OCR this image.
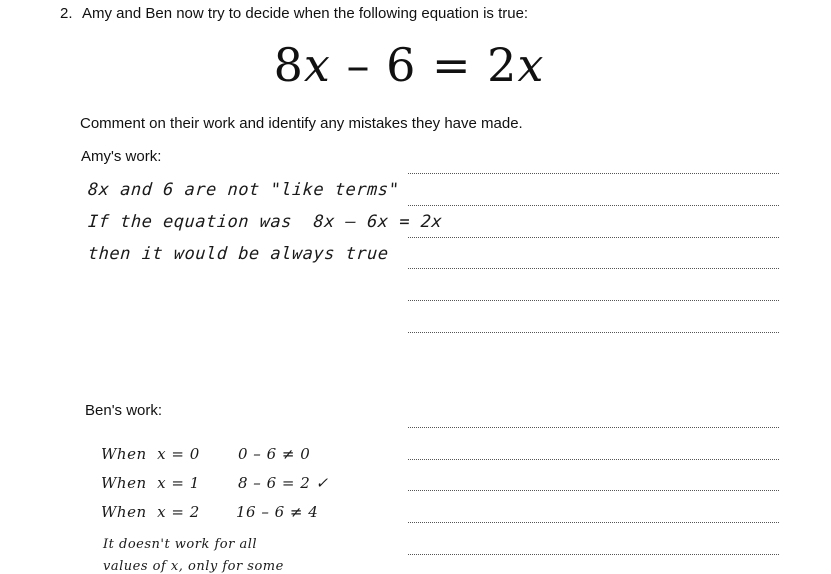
2. Amy and Ben now try to decide when the following equation is true:
8x – 6 = 2x
Comment on their work and identify any mistakes they have made.
Amy's work:
8x and 6 are not "like terms"
If the equation was  8x – 6x = 2x
then it would be always true
Ben's work:
When  x = 0	0 – 6 ≠ 0
When  x = 1	8 – 6 = 2 ✓
When  x = 2 16 – 6 ≠ 4
It doesn't work for all
values of x, only for some
